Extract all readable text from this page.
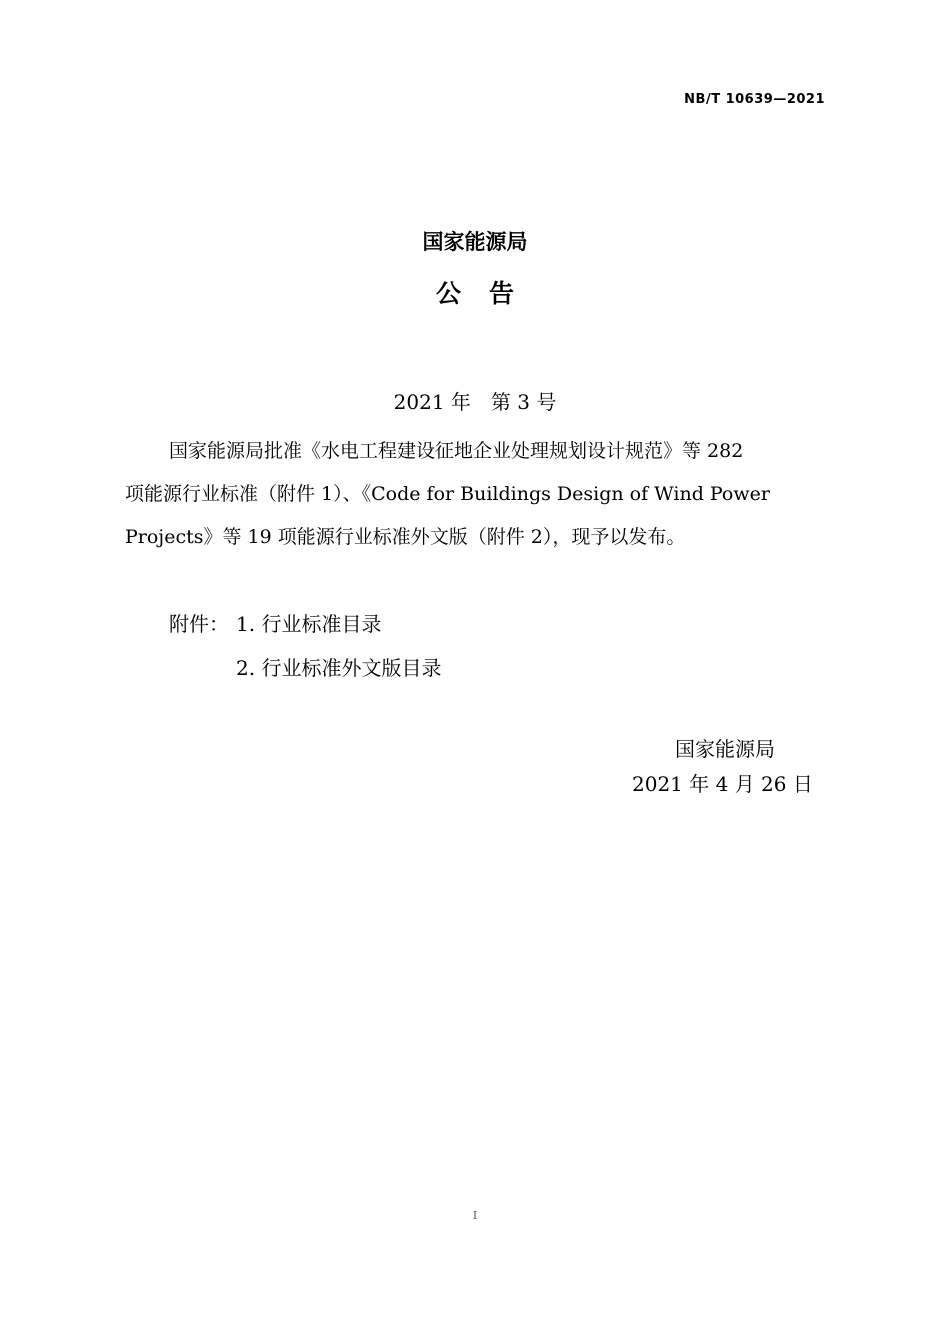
NB/T 10639—2021
国家能源局
公告
2021 年　第 3 号
国家能源局批准《水电工程建设征地企业处理规划设计规范》等 282
项能源行业标准（附件 1）、《Code for Buildings Design of Wind Power
Projects》等 19 项能源行业标准外文版（附件 2），现予以发布。
附件： 1. 行业标准目录
2. 行业标准外文版目录
国家能源局
2021 年 4 月 26 日
I
